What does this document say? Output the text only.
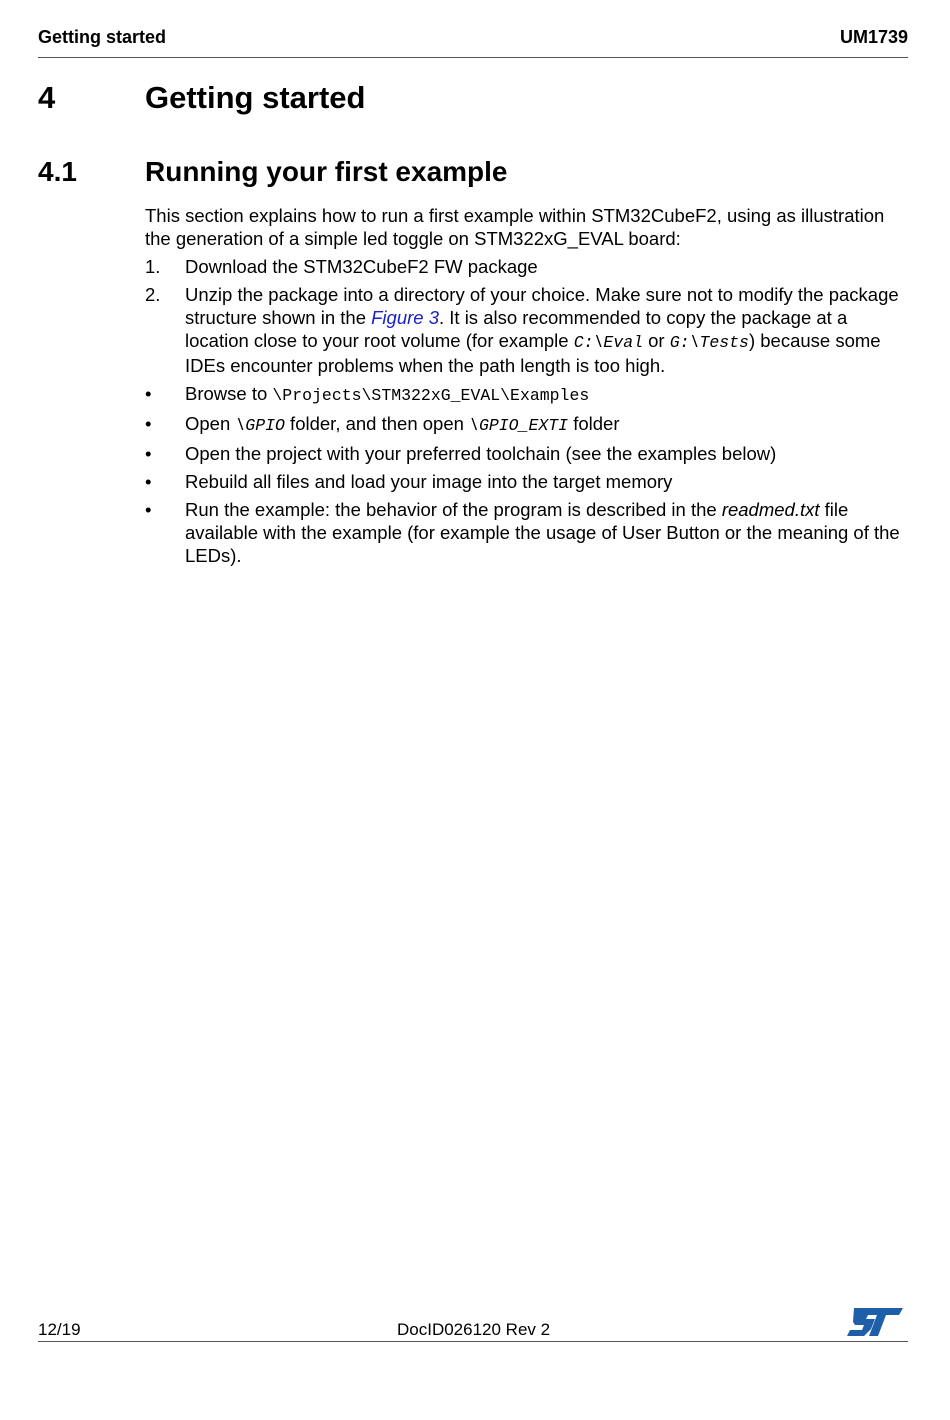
Getting started	UM1739
4	Getting started
4.1 Running your first example

This section explains how to run a first example within STM32CubeF2, using as illustration the generation of a simple led toggle on STM322xG_EVAL board:

1. Download the STM32CubeF2 FW package
2. Unzip the package into a directory of your choice. Make sure not to modify the package structure shown in the Figure 3. It is also recommended to copy the package at a location close to your root volume (for example C:\Eval or G:\Tests) because some IDEs encounter problems when the path length is too high.
• Browse to \Projects\STM322xG_EVAL\Examples
• Open \GPIO folder, and then open \GPIO_EXTI folder
• Open the project with your preferred toolchain (see the examples below)
• Rebuild all files and load your image into the target memory
• Run the example: the behavior of the program is described in the readmed.txt file available with the example (for example the usage of User Button or the meaning of the LEDs).
12/19	DocID026120 Rev 2
